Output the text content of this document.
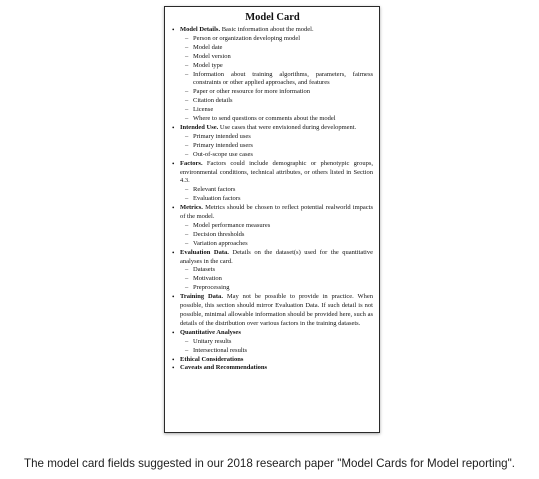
Model Card
• Model Details. Basic information about the model.
– Person or organization developing model
– Model date
– Model version
– Model type
– Information about training algorithms, parameters, fairness constraints or other applied approaches, and features
– Paper or other resource for more information
– Citation details
– License
– Where to send questions or comments about the model
• Intended Use. Use cases that were envisioned during development.
– Primary intended uses
– Primary intended users
– Out-of-scope use cases
• Factors. Factors could include demographic or phenotypic groups, environmental conditions, technical attributes, or others listed in Section 4.3.
– Relevant factors
– Evaluation factors
• Metrics. Metrics should be chosen to reflect potential realworld impacts of the model.
– Model performance measures
– Decision thresholds
– Variation approaches
• Evaluation Data. Details on the dataset(s) used for the quantitative analyses in the card.
– Datasets
– Motivation
– Preprocessing
• Training Data. May not be possible to provide in practice. When possible, this section should mirror Evaluation Data. If such detail is not possible, minimal allowable information should be provided here, such as details of the distribution over various factors in the training datasets.
• Quantitative Analyses
– Unitary results
– Intersectional results
• Ethical Considerations
• Caveats and Recommendations
The model card fields suggested in our 2018 research paper "Model Cards for Model reporting".
